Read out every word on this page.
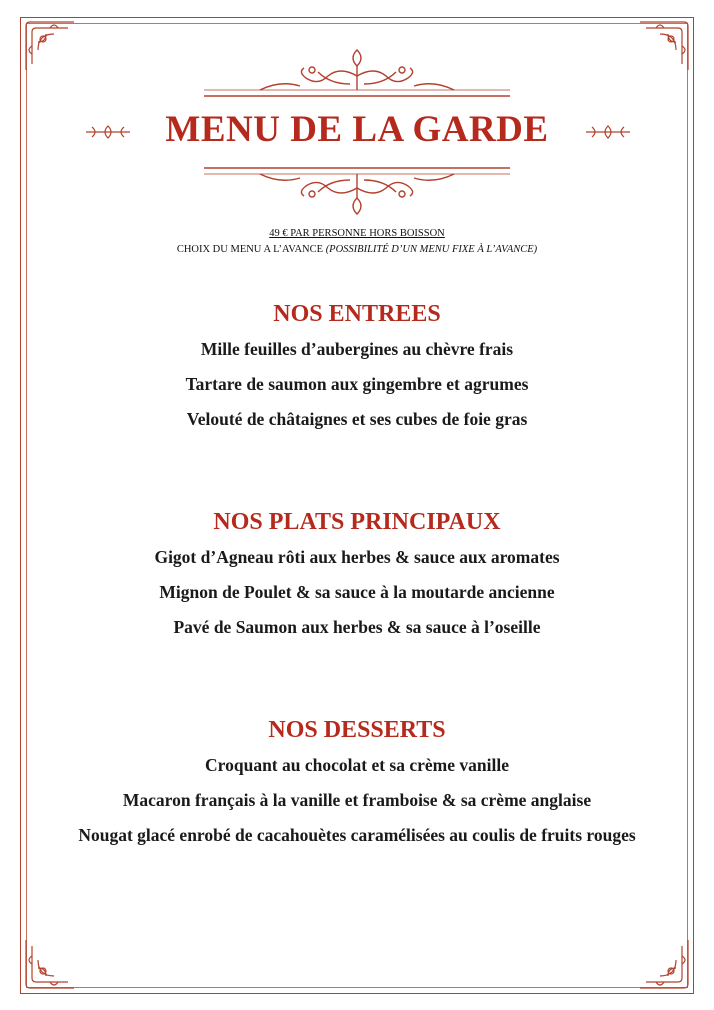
MENU DE LA GARDE
49 € PAR PERSONNE HORS BOISSON
CHOIX DU MENU A L’AVANCE (POSSIBILITÉ D’UN MENU FIXE À L’AVANCE)
NOS ENTREES
Mille feuilles d’aubergines au chèvre frais
Tartare de saumon aux gingembre et agrumes
Velouté de châtaignes et ses cubes de foie gras
NOS PLATS PRINCIPAUX
Gigot d’Agneau rôti aux herbes & sauce aux aromates
Mignon de Poulet & sa sauce à la moutarde ancienne
Pavé de Saumon aux herbes & sa sauce à l’oseille
NOS DESSERTS
Croquant au chocolat et sa crème vanille
Macaron français à la vanille et framboise & sa crème anglaise
Nougat glacé enrobé de cacahouètes caramélisées au coulis de fruits rouges
